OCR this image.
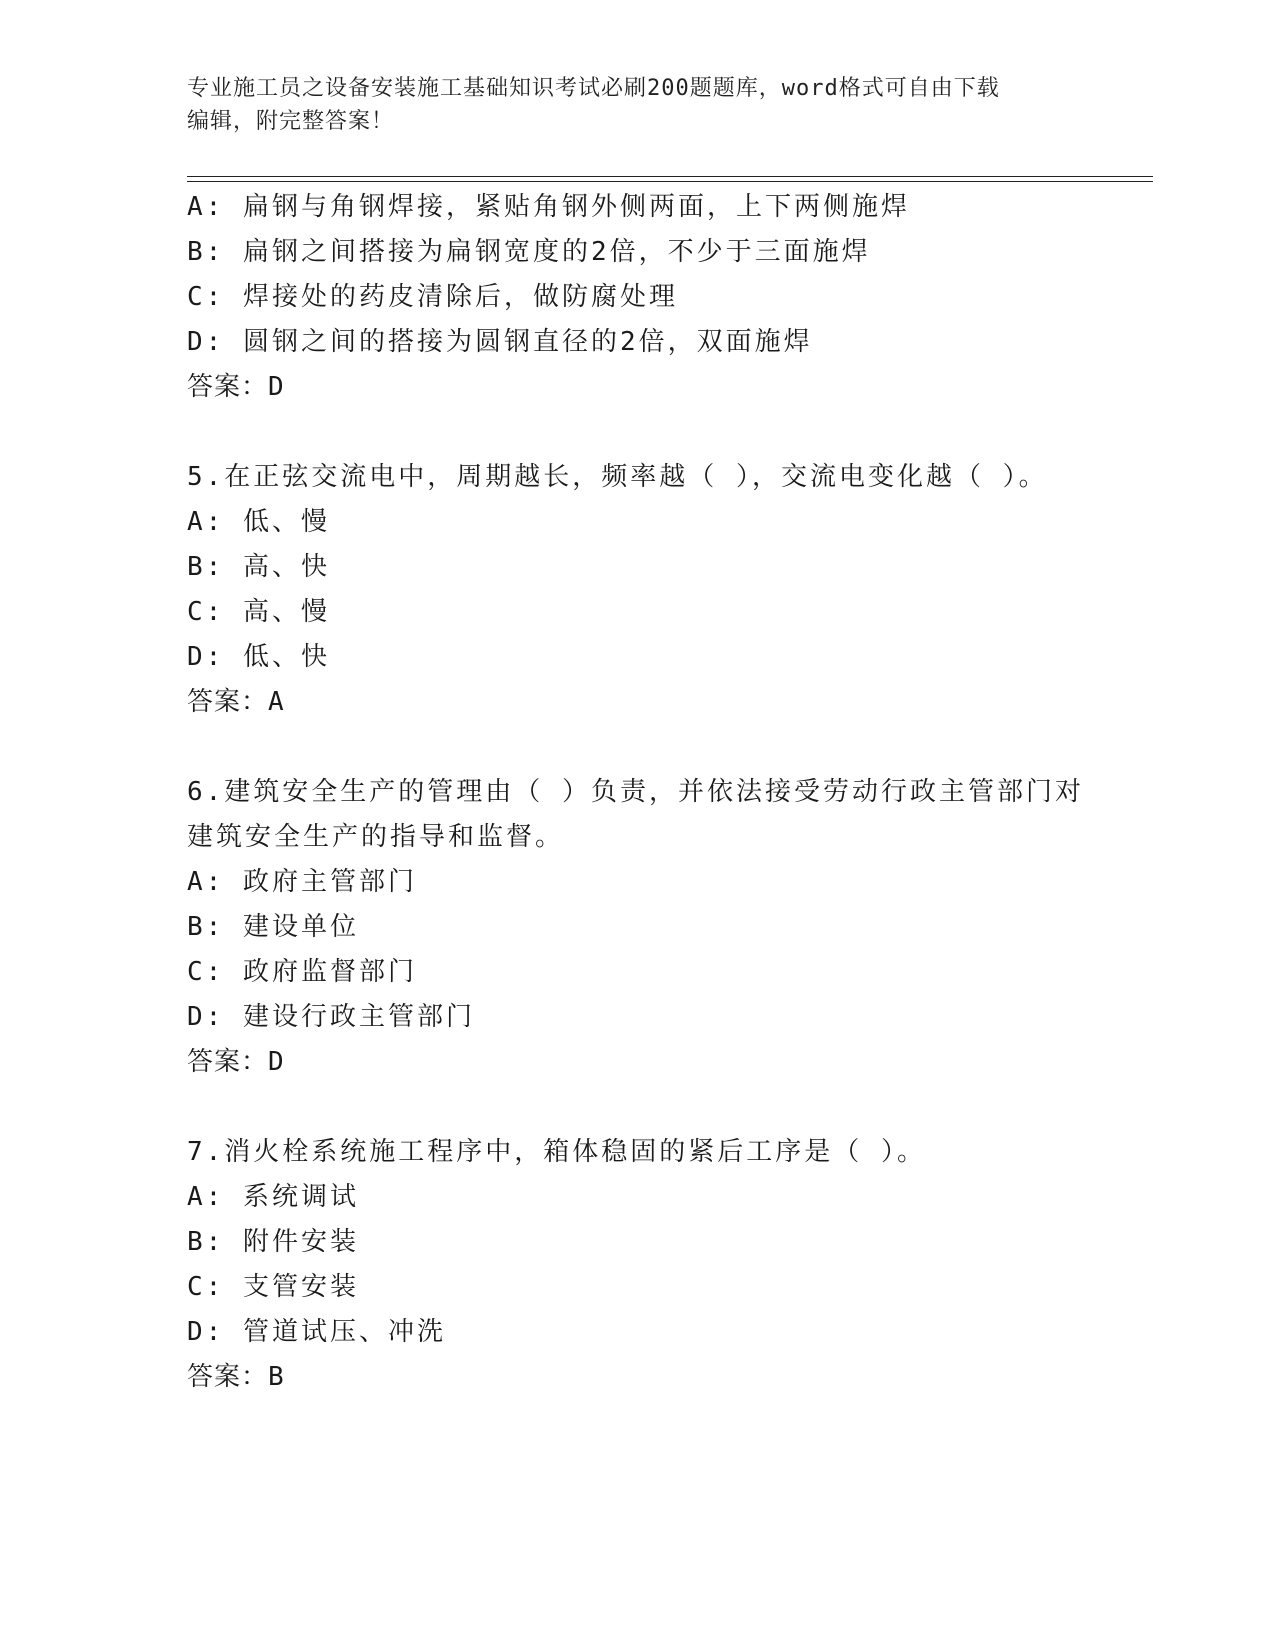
专业施工员之设备安装施工基础知识考试必刷200题题库，word格式可自由下载
编辑，附完整答案！
A: 扁钢与角钢焊接，紧贴角钢外侧两面，上下两侧施焊
B: 扁钢之间搭接为扁钢宽度的2倍，不少于三面施焊
C: 焊接处的药皮清除后，做防腐处理
D: 圆钢之间的搭接为圆钢直径的2倍，双面施焊
答案：D
5.在正弦交流电中，周期越长，频率越（ ），交流电变化越（ ）。
A: 低、慢
B: 高、快
C: 高、慢
D: 低、快
答案：A
6.建筑安全生产的管理由（ ）负责，并依法接受劳动行政主管部门对
建筑安全生产的指导和监督。
A: 政府主管部门
B: 建设单位
C: 政府监督部门
D: 建设行政主管部门
答案：D
7.消火栓系统施工程序中，箱体稳固的紧后工序是（ ）。
A: 系统调试
B: 附件安装
C: 支管安装
D: 管道试压、冲洗
答案：B
